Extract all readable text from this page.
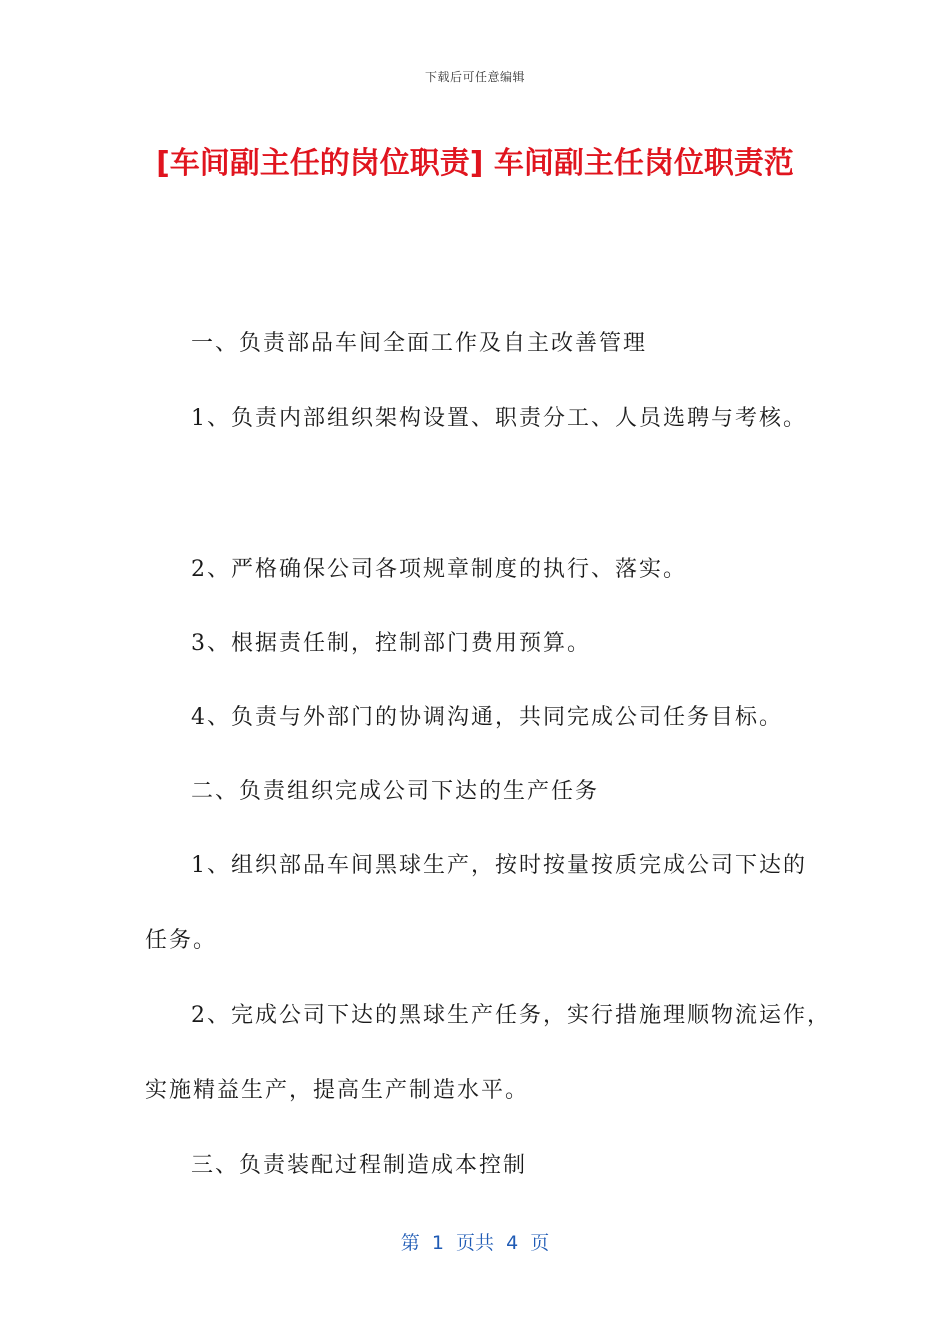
下载后可任意编辑
[车间副主任的岗位职责] 车间副主任岗位职责范
一、负责部品车间全面工作及自主改善管理
1、负责内部组织架构设置、职责分工、人员选聘与考核。
2、严格确保公司各项规章制度的执行、落实。
3、根据责任制，控制部门费用预算。
4、负责与外部门的协调沟通，共同完成公司任务目标。
二、负责组织完成公司下达的生产任务
1、组织部品车间黑球生产，按时按量按质完成公司下达的
任务。
2、完成公司下达的黑球生产任务，实行措施理顺物流运作，
实施精益生产，提高生产制造水平。
三、负责装配过程制造成本控制
第  1  页共  4  页
